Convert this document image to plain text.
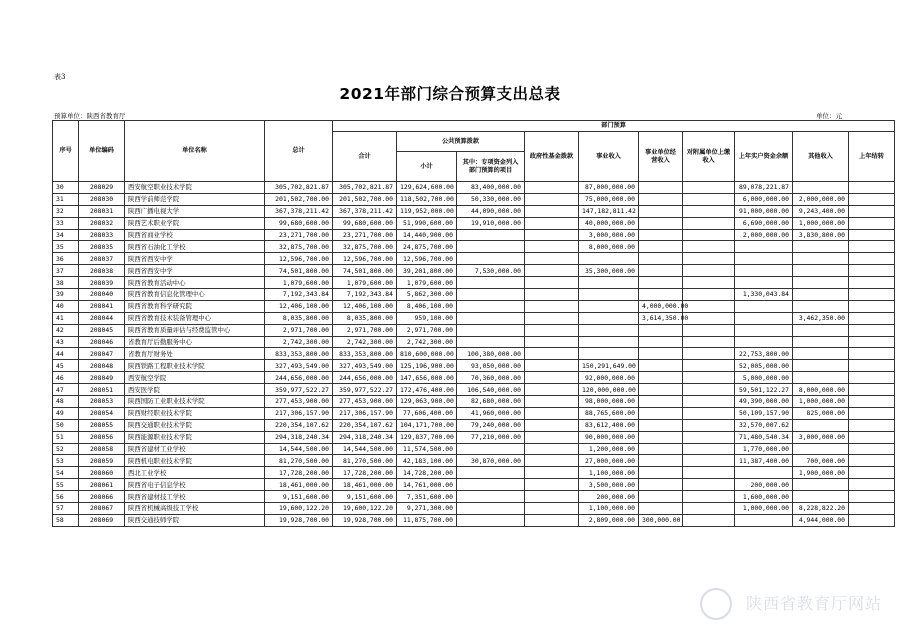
表3
2021年部门综合预算支出总表
预算单位：陕西省教育厅	单位：元
序号	单位编码	单位名称	总计	部门预算									
				合计	公共预算拨款		政府性基金拨款	事业收入	事业单位经营收入	对附属单位上缴收入	上年实户资金余额	其他收入	上年结转
					小计	其中：专项资金列入部门预算的项目							
30	208029	西安航空职业技术学院	305,702,821.87	305,702,821.87	129,624,600.00	83,400,000.00		87,000,000.00			89,078,221.87		
31	208030	陕西学前师范学院	201,502,700.00	201,502,700.00	118,502,700.00	50,330,000.00		75,000,000.00			6,000,000.00	2,000,000.00	
32	208031	陕西广播电视大学	367,378,211.42	367,378,211.42	119,952,000.00	44,090,000.00		147,182,811.42			91,000,000.00	9,243,400.00	
33	208032	陕西艺术职业学院	99,680,600.00	99,680,600.00	51,990,600.00	19,910,000.00		40,000,000.00			6,690,000.00	1,000,000.00	
34	208033	陕西省商业学校	23,271,700.00	23,271,700.00	14,440,900.00			3,000,000.00			2,000,000.00	3,830,800.00	
35	208035	陕西省石油化工学校	32,875,700.00	32,875,700.00	24,875,700.00			8,000,000.00					
36	208037	陕西省西安中学	12,596,700.00	12,596,700.00	12,596,700.00								
37	208038	陕西省西安中学	74,501,800.00	74,501,800.00	39,201,800.00	7,530,000.00		35,300,000.00					
38	208039	陕西省教育活动中心	1,079,600.00	1,079,600.00	1,079,600.00								
39	208040	陕西省教育信息化管理中心	7,192,343.84	7,192,343.84	5,862,300.00						1,330,043.84		
40	208041	陕西省教育科学研究院	12,406,100.00	12,406,100.00	8,406,100.00				4,000,000.00				
41	208044	陕西省教育技术装备管理中心	8,035,800.00	8,035,800.00	959,100.00				3,614,350.00			3,462,350.00	
42	208045	陕西省教育质量评估与经费监管中心	2,971,700.00	2,971,700.00	2,971,700.00								
43	208046	省教育厅后勤服务中心	2,742,300.00	2,742,300.00	2,742,300.00								
44	208047	省教育厅财务处	833,353,800.00	833,353,800.00	810,600,000.00	100,380,000.00					22,753,800.00		
45	208048	陕西铁路工程职业技术学院	327,493,549.00	327,493,549.00	125,196,900.00	93,050,000.00		150,291,649.00			52,005,000.00		
46	208049	西安航空学院	244,656,000.00	244,656,000.00	147,656,000.00	70,360,000.00		92,000,000.00			5,000,000.00		
47	208051	西安医学院	359,977,522.27	359,977,522.27	172,476,400.00	106,540,000.00		120,000,000.00			59,501,122.27	8,000,000.00	
48	208053	陕西国防工业职业技术学院	277,453,900.00	277,453,900.00	129,063,900.00	82,680,000.00		98,000,000.00			49,390,000.00	1,000,000.00	
49	208054	陕西财经职业技术学院	217,306,157.90	217,306,157.90	77,606,400.00	41,960,000.00		88,765,600.00			50,109,157.90	825,000.00	
50	208055	陕西交通职业技术学院	220,354,107.62	220,354,107.62	104,171,700.00	79,240,000.00		83,612,400.00			32,570,007.62		
51	208056	陕西能源职业技术学院	294,318,240.34	294,318,240.34	129,837,700.00	77,210,000.00		90,000,000.00			71,480,540.34	3,000,000.00	
52	208058	陕西省建材工业学校	14,544,500.00	14,544,500.00	11,574,500.00			1,200,000.00			1,770,000.00		
53	208059	陕西机电职业技术学院	81,270,500.00	81,270,500.00	42,183,100.00	30,870,000.00		27,000,000.00			11,387,400.00	700,000.00	
54	208060	西北工业学校	17,728,200.00	17,728,200.00	14,728,200.00			1,100,000.00				1,900,000.00	
55	208061	陕西省电子信息学校	18,461,000.00	18,461,000.00	14,761,000.00			3,500,000.00			200,000.00		
56	208066	陕西省建材技工学校	9,151,600.00	9,151,600.00	7,351,600.00			200,000.00			1,600,000.00		
57	208067	陕西省机械高级技工学校	19,600,122.20	19,600,122.20	9,271,300.00			1,100,000.00			1,000,000.00	8,228,822.20	
58	208069	陕西交通技师学院	19,928,700.00	19,928,700.00	11,875,700.00			2,809,000.00	300,000.00			4,944,000.00	
陕西省教育厅网站
